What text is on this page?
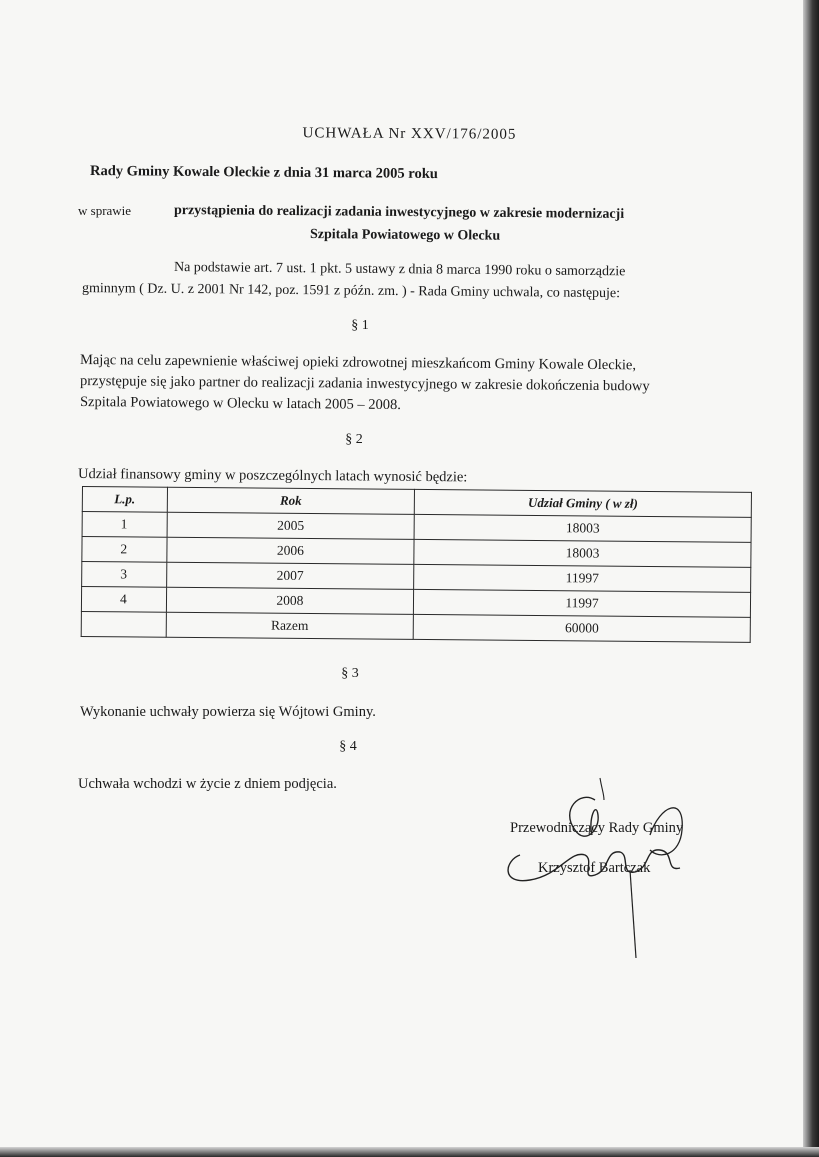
UCHWAŁA Nr XXV/176/2005
Rady Gminy Kowale Oleckie z dnia 31 marca 2005 roku
w sprawie	przystąpienia do realizacji zadania inwestycyjnego w zakresie modernizacji
Szpitala Powiatowego w Olecku
Na podstawie art. 7 ust. 1 pkt. 5 ustawy z dnia 8 marca 1990 roku o samorządzie
gminnym ( Dz. U. z 2001 Nr 142, poz. 1591 z późn. zm. ) - Rada Gminy uchwala, co następuje:
§ 1
Mając na celu zapewnienie właściwej opieki zdrowotnej mieszkańcom Gminy Kowale Oleckie,
przystępuje się jako partner do realizacji zadania inwestycyjnego w zakresie dokończenia budowy
Szpitala Powiatowego w Olecku w latach 2005 – 2008.
§ 2
Udział finansowy gminy w poszczególnych latach wynosić będzie:
L.p.	Rok	Udział Gminy ( w zł)
1	2005	18003
2	2006	18003
3	2007	11997
4	2008	11997
	Razem	60000
§ 3
Wykonanie uchwały powierza się Wójtowi Gminy.
§ 4
Uchwała wchodzi w życie z dniem podjęcia.
Przewodniczący Rady Gminy
Krzysztof Bartczak
